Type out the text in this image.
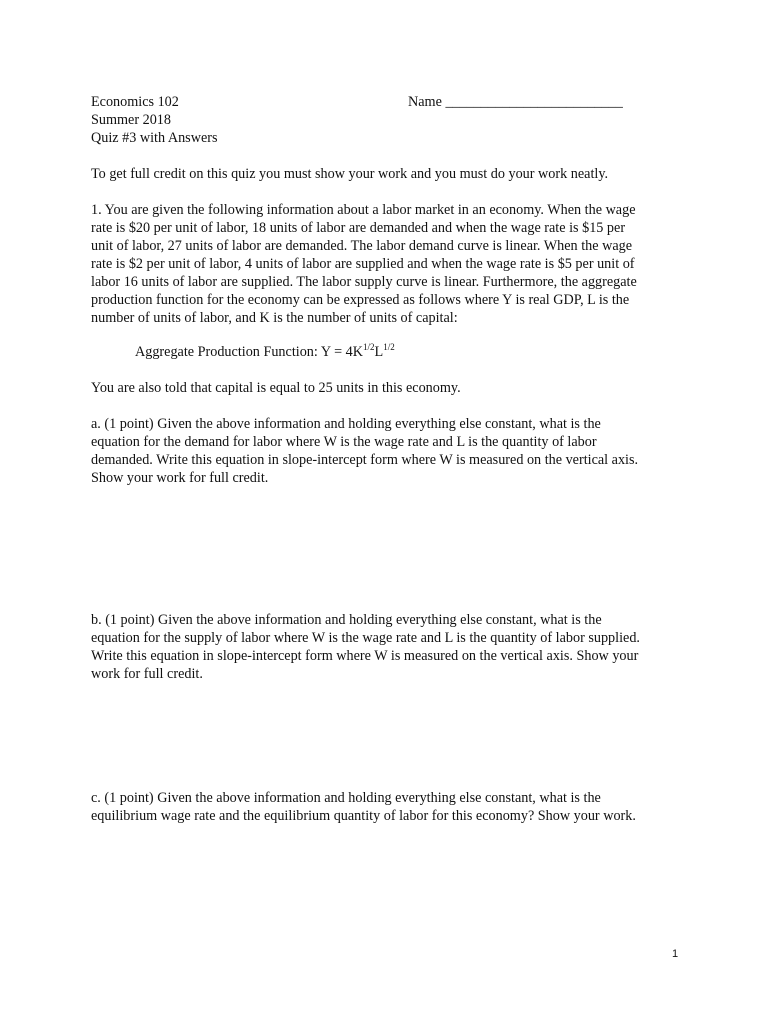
Economics 102
Summer 2018
Quiz #3 with Answers
Name _________________________
To get full credit on this quiz you must show your work and you must do your work neatly.
1. You are given the following information about a labor market in an economy. When the wage
rate is $20 per unit of labor, 18 units of labor are demanded and when the wage rate is $15 per
unit of labor, 27 units of labor are demanded. The labor demand curve is linear. When the wage
rate is $2 per unit of labor, 4 units of labor are supplied and when the wage rate is $5 per unit of
labor 16 units of labor are supplied. The labor supply curve is linear. Furthermore, the aggregate
production function for the economy can be expressed as follows where Y is real GDP, L is the
number of units of labor, and K is the number of units of capital:
Aggregate Production Function: $Y = 4K^{1/2}L^{1/2}$
You are also told that capital is equal to 25 units in this economy.
a. (1 point) Given the above information and holding everything else constant, what is the
equation for the demand for labor where W is the wage rate and L is the quantity of labor
demanded. Write this equation in slope-intercept form where W is measured on the vertical axis.
Show your work for full credit.
b. (1 point) Given the above information and holding everything else constant, what is the
equation for the supply of labor where W is the wage rate and L is the quantity of labor supplied.
Write this equation in slope-intercept form where W is measured on the vertical axis. Show your
work for full credit.
c. (1 point) Given the above information and holding everything else constant, what is the
equilibrium wage rate and the equilibrium quantity of labor for this economy? Show your work.
1
